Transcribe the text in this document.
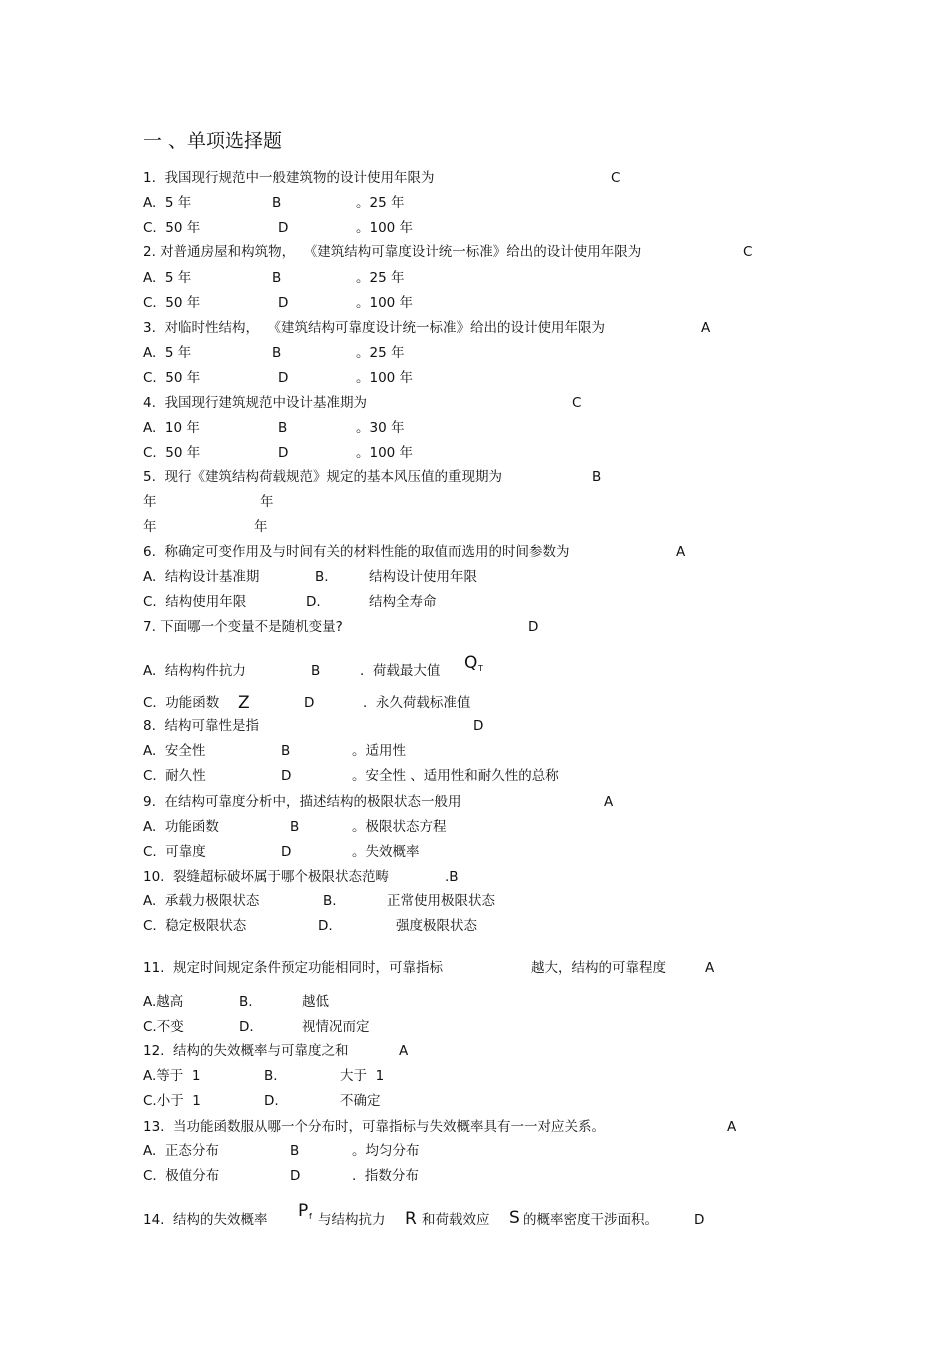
一 、单项选择题
1.  我国现行规范中一般建筑物的设计使用年限为	C
A.  5 年	B	。25 年
C.  50 年	D	。100 年
2. 对普通房屋和构筑物，  《建筑结构可靠度设计统一标准》给出的设计使用年限为	C
A.  5 年	B	。25 年
C.  50 年	D	。100 年
3.  对临时性结构，  《建筑结构可靠度设计统一标准》给出的设计使用年限为	A
A.  5 年	B	。25 年
C.  50 年	D	。100 年
4.  我国现行建筑规范中设计基准期为	C
A.  10 年	B	。30 年
C.  50 年	D	。100 年
5.  现行《建筑结构荷载规范》规定的基本风压值的重现期为	B
年	年
年	年
6.  称确定可变作用及与时间有关的材料性能的取值而选用的时间参数为	A
A.  结构设计基准期	B.	结构设计使用年限
C.  结构使用年限	D.	结构全寿命
7. 下面哪一个变量不是随机变量?	D
A.  结构构件抗力	B	.  荷载最大值 Q T
C.  功能函数 Z	D	.  永久荷载标准值
8.  结构可靠性是指	D
A.  安全性	B	。适用性
C.  耐久性	D	。安全性 、适用性和耐久性的总称
9.  在结构可靠度分析中，描述结构的极限状态一般用	A
A.  功能函数	B	。极限状态方程
C.  可靠度	D	。失效概率
10.  裂缝超标破坏属于哪个极限状态范畴	.B
A.  承载力极限状态	B.	正常使用极限状态
C.  稳定极限状态	D.	强度极限状态
11.  规定时间规定条件预定功能相同时，可靠指标	越大，结构的可靠程度	A
A.越高	B.	越低
C.不变	D.	视情况而定
12.  结构的失效概率与可靠度之和	A
A.等于  1	B.	大于  1
C.小于  1	D.	不确定
13.  当功能函数服从哪一个分布时，可靠指标与失效概率具有一一对应关系。	A
A.  正态分布	B	。均匀分布
C.  极值分布	D	.  指数分布
14.  结构的失效概率 P f 与结构抗力 R 和荷载效应 S 的概率密度干涉面积。	D
